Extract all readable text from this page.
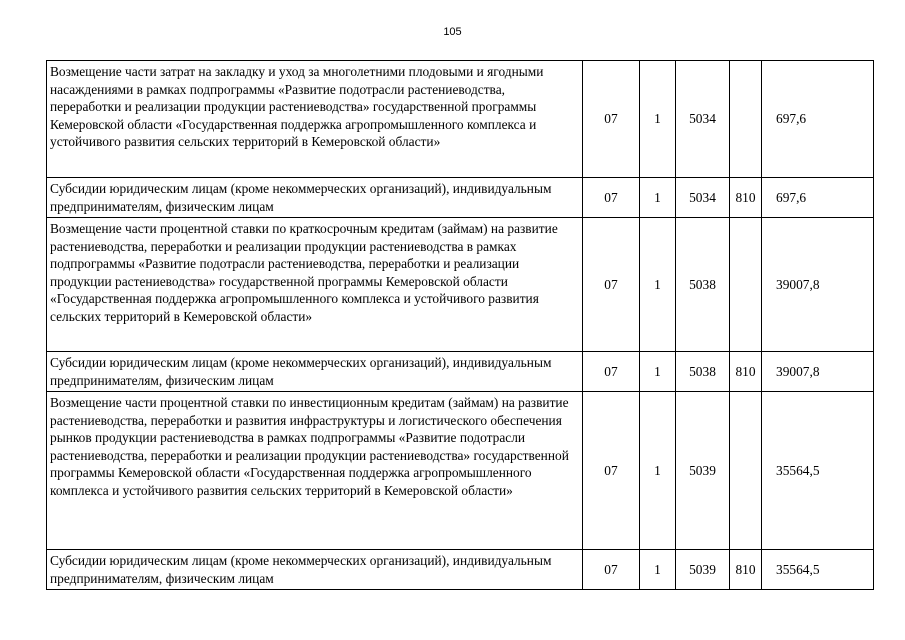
105
Возмещение части затрат на закладку и уход за многолетними плодовыми и ягодными насаждениями в рамках подпрограммы «Развитие подотрасли растениеводства, переработки и реализации продукции растениеводства» государственной программы Кемеровской области «Государственная поддержка агропромышленного комплекса и устойчивого развития сельских территорий в Кемеровской области»	07	1	5034		697,6
Субсидии юридическим лицам (кроме некоммерческих организаций), индивидуальным предпринимателям, физическим лицам	07	1	5034	810	697,6
Возмещение части процентной ставки по краткосрочным кредитам (займам) на развитие растениеводства, переработки и реализации продукции растениеводства в рамках подпрограммы «Развитие подотрасли растениеводства, переработки и реализации продукции растениеводства» государственной программы Кемеровской области «Государственная поддержка агропромышленного комплекса и устойчивого развития сельских территорий в Кемеровской области»	07	1	5038		39007,8
Субсидии юридическим лицам (кроме некоммерческих организаций), индивидуальным предпринимателям, физическим лицам	07	1	5038	810	39007,8
Возмещение части процентной ставки по инвестиционным кредитам (займам) на развитие растениеводства, переработки и развития инфраструктуры и логистического обеспечения рынков продукции растениеводства в рамках подпрограммы «Развитие подотрасли растениеводства, переработки и реализации продукции растениеводства» государственной программы Кемеровской области «Государственная поддержка агропромышленного комплекса и устойчивого развития сельских территорий в Кемеровской области»	07	1	5039		35564,5
Субсидии юридическим лицам (кроме некоммерческих организаций), индивидуальным предпринимателям, физическим лицам	07	1	5039	810	35564,5
